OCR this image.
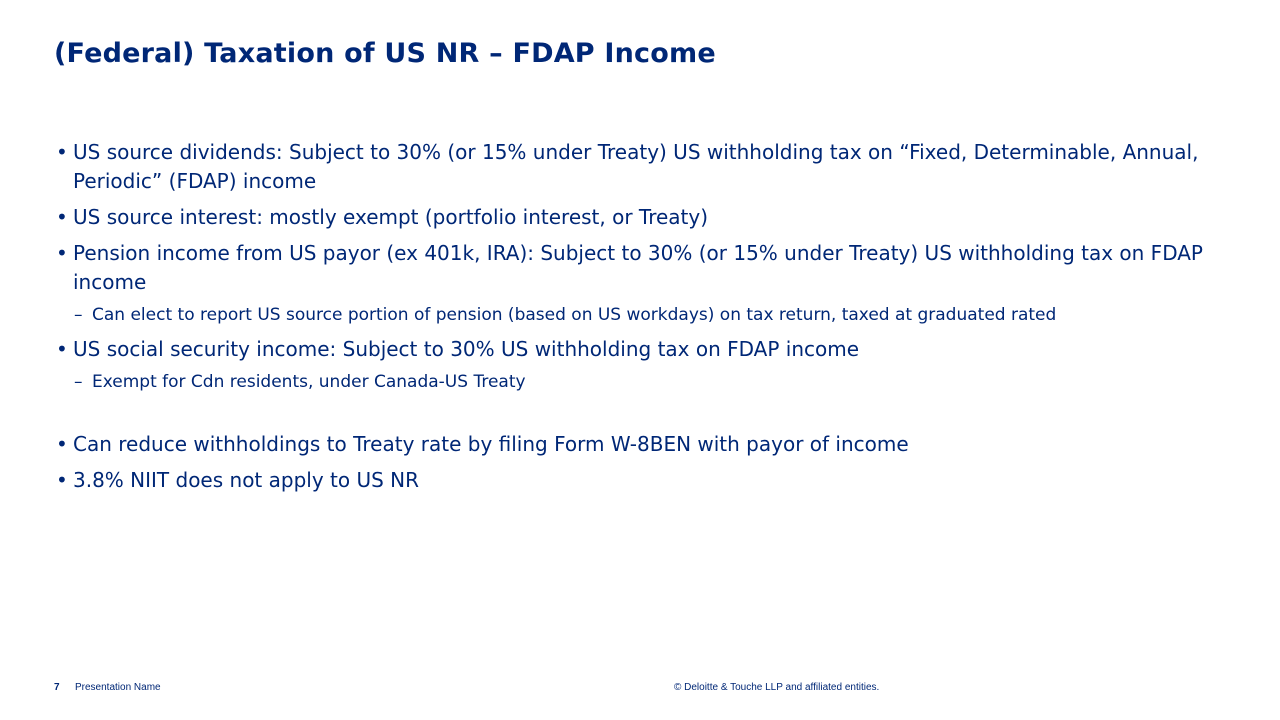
(Federal) Taxation of US NR – FDAP Income
• US source dividends: Subject to 30% (or 15% under Treaty) US withholding tax on “Fixed, Determinable, Annual, Periodic” (FDAP) income
• US source interest: mostly exempt (portfolio interest, or Treaty)
• Pension income from US payor (ex 401k, IRA): Subject to 30% (or 15% under Treaty) US withholding tax on FDAP income
– Can elect to report US source portion of pension (based on US workdays) on tax return, taxed at graduated rated
• US social security income: Subject to 30% US withholding tax on FDAP income
– Exempt for Cdn residents, under Canada-US Treaty
• Can reduce withholdings to Treaty rate by filing Form W-8BEN with payor of income
• 3.8% NIIT does not apply to US NR
7 Presentation Name	© Deloitte & Touche LLP and affiliated entities.
